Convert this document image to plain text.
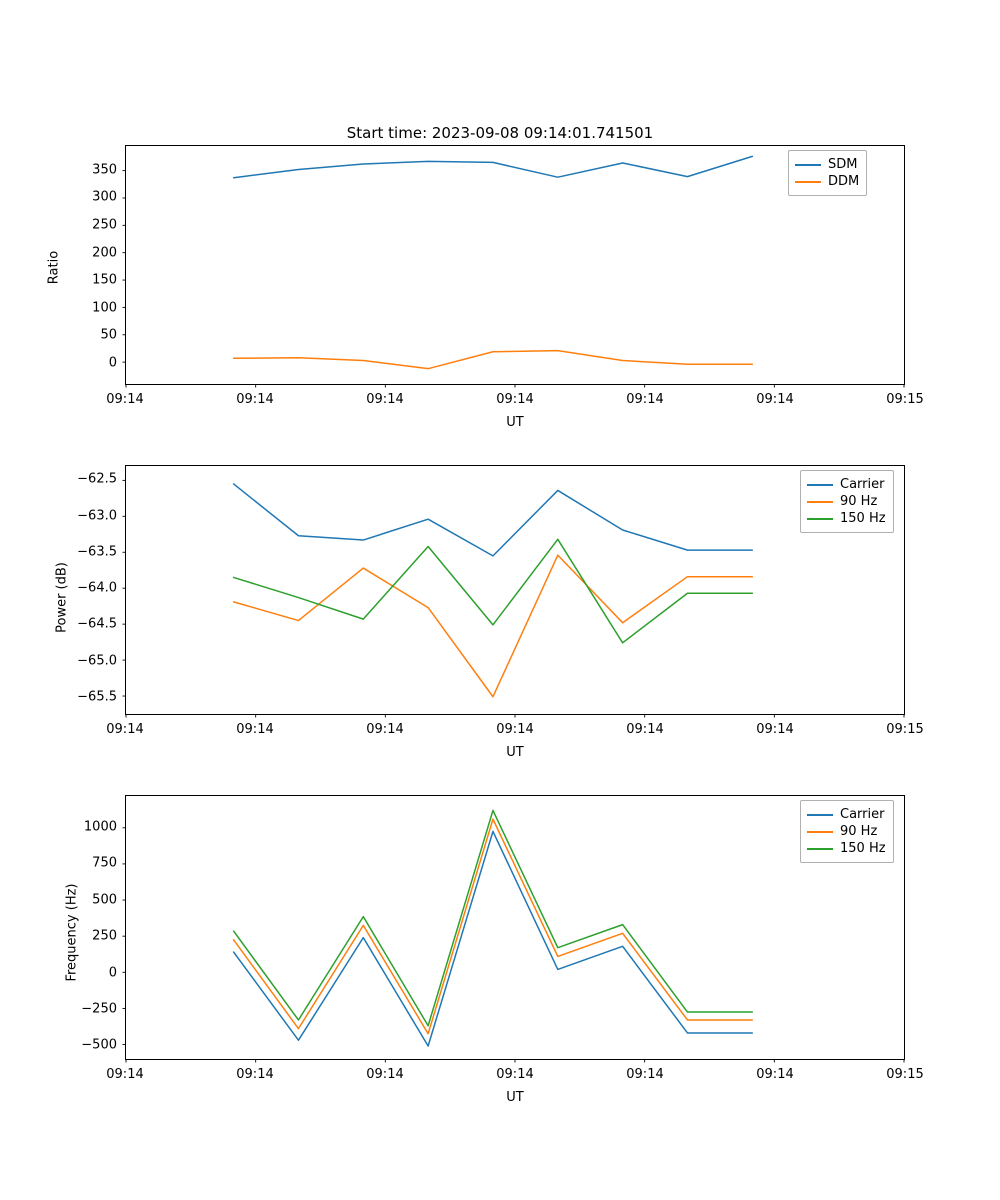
Start time: 2023-09-08 09:14:01.741501
Ratio
UT
SDM
DDM
09:14	09:14	09:14	09:14	09:14	09:14	09:15
0
50
100
150
200
250
300
350
Power (dB)
UT
Carrier
90 Hz
150 Hz
09:14	09:14	09:14	09:14	09:14	09:14	09:15
−65.5
−65.0
−64.5
−64.0
−63.5
−63.0
−62.5
Frequency (Hz)
UT
Carrier
90 Hz
150 Hz
09:14	09:14	09:14	09:14	09:14	09:14	09:15
−500
−250
0
250
500
750
1000
